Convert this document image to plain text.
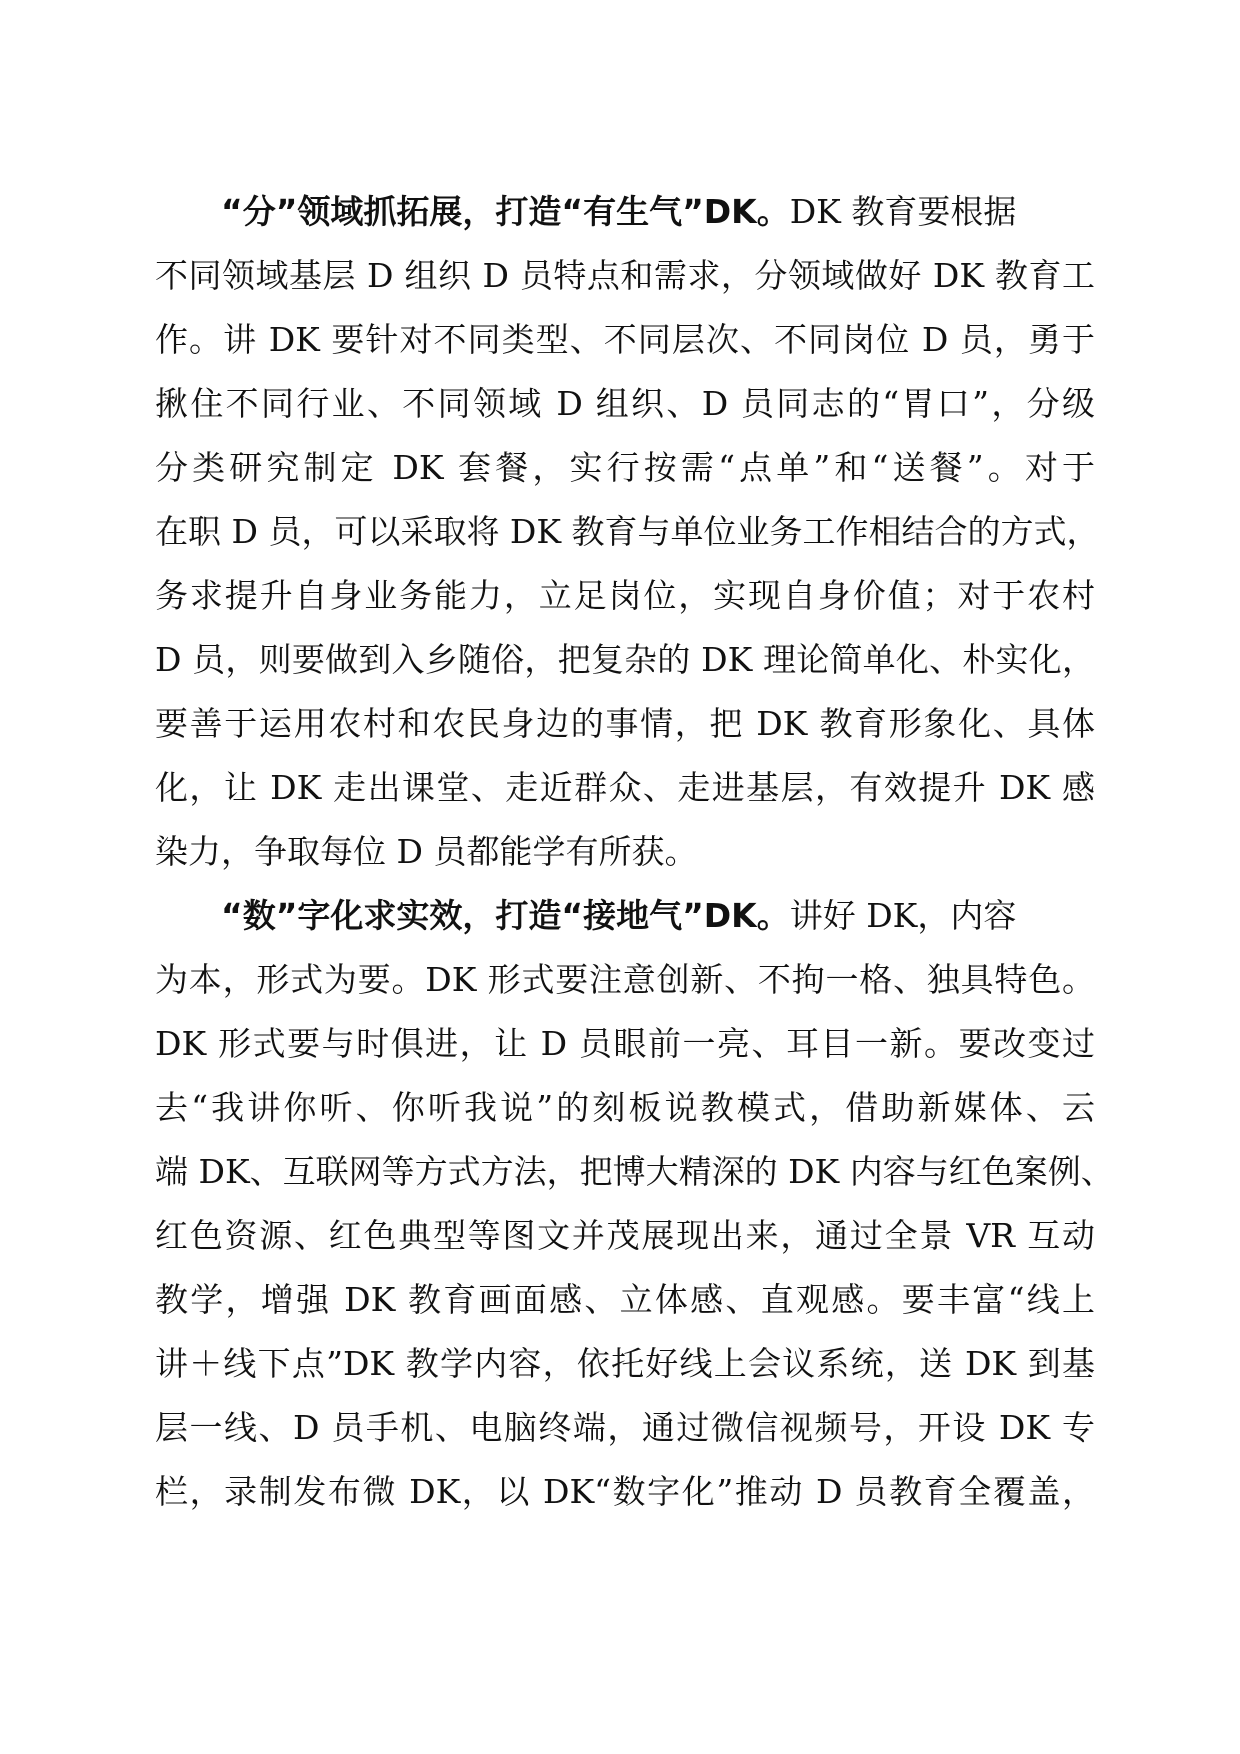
“分”领域抓拓展，打造“有生气”DK。DK 教育要根据
不同领域基层 D 组织 D 员特点和需求，分领域做好 DK 教育工
作。讲 DK 要针对不同类型、不同层次、不同岗位 D 员，勇于
揪住不同行业、不同领域 D 组织、D 员同志的“胃口”，分级
分类研究制定 DK 套餐，实行按需“点单”和“送餐”。对于
在职 D 员，可以采取将 DK 教育与单位业务工作相结合的方式，
务求提升自身业务能力，立足岗位，实现自身价值；对于农村
D 员，则要做到入乡随俗，把复杂的 DK 理论简单化、朴实化，
要善于运用农村和农民身边的事情，把 DK 教育形象化、具体
化，让 DK 走出课堂、走近群众、走进基层，有效提升 DK 感
染力，争取每位 D 员都能学有所获。
“数”字化求实效，打造“接地气”DK。讲好 DK，内容
为本，形式为要。DK 形式要注意创新、不拘一格、独具特色。
DK 形式要与时俱进，让 D 员眼前一亮、耳目一新。要改变过
去“我讲你听、你听我说”的刻板说教模式，借助新媒体、云
端 DK、互联网等方式方法，把博大精深的 DK 内容与红色案例、
红色资源、红色典型等图文并茂展现出来，通过全景 VR 互动
教学，增强 DK 教育画面感、立体感、直观感。要丰富“线上
讲＋线下点”DK 教学内容，依托好线上会议系统，送 DK 到基
层一线、D 员手机、电脑终端，通过微信视频号，开设 DK 专
栏，录制发布微 DK，以 DK“数字化”推动 D 员教育全覆盖，
